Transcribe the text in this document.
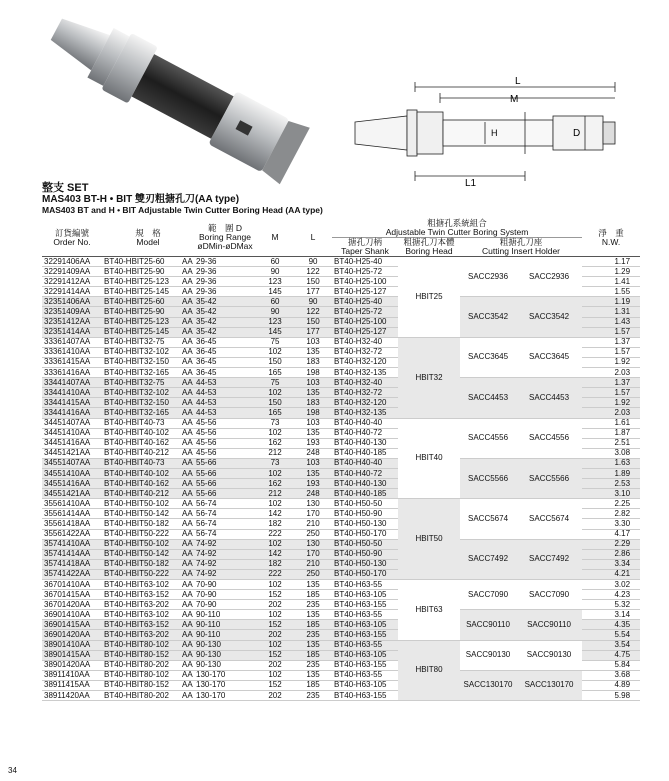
L
M
L1
D
H
整支 SET
MAS403 BT-H • BIT 雙刃粗搪孔刀(AA type)
MAS403 BT and H • BIT Adjustable Twin Cutter Boring Head (AA type)
訂貨編號
Order No.	規　格
Model		範　圍 D
Boring Range
øDMin-øDMax	M	L	粗搪孔系統組合
Adjustable Twin Cutter Boring System				淨　重
N.W.
						搪孔刀柄
Taper Shank	粗搪孔刀本體
Boring Head	粗搪孔刀座
Cutting Insert Holder		
32291406AA	BT40-HBIT25-60	AA	29-36	60	90	BT40-H25-40	HBIT25	SACC2936	SACC2936	1.17
32291409AA	BT40-HBIT25-90	AA	29-36	90	122	BT40-H25-72				1.29
32291412AA	BT40-HBIT25-123	AA	29-36	123	150	BT40-H25-100				1.41
32291414AA	BT40-HBIT25-145	AA	29-36	145	177	BT40-H25-127				1.55
32351406AA	BT40-HBIT25-60	AA	35-42	60	90	BT40-H25-40		SACC3542	SACC3542	1.19
32351409AA	BT40-HBIT25-90	AA	35-42	90	122	BT40-H25-72				1.31
32351412AA	BT40-HBIT25-123	AA	35-42	123	150	BT40-H25-100				1.43
32351414AA	BT40-HBIT25-145	AA	35-42	145	177	BT40-H25-127				1.57
33361407AA	BT40-HBIT32-75	AA	36-45	75	103	BT40-H32-40	HBIT32	SACC3645	SACC3645	1.37
33361410AA	BT40-HBIT32-102	AA	36-45	102	135	BT40-H32-72				1.57
33361415AA	BT40-HBIT32-150	AA	36-45	150	183	BT40-H32-120				1.92
33361416AA	BT40-HBIT32-165	AA	36-45	165	198	BT40-H32-135				2.03
33441407AA	BT40-HBIT32-75	AA	44-53	75	103	BT40-H32-40		SACC4453	SACC4453	1.37
33441410AA	BT40-HBIT32-102	AA	44-53	102	135	BT40-H32-72				1.57
33441415AA	BT40-HBIT32-150	AA	44-53	150	183	BT40-H32-120				1.92
33441416AA	BT40-HBIT32-165	AA	44-53	165	198	BT40-H32-135				2.03
34451407AA	BT40-HBIT40-73	AA	45-56	73	103	BT40-H40-40	HBIT40	SACC4556	SACC4556	1.61
34451410AA	BT40-HBIT40-102	AA	45-56	102	135	BT40-H40-72				1.87
34451416AA	BT40-HBIT40-162	AA	45-56	162	193	BT40-H40-130				2.51
34451421AA	BT40-HBIT40-212	AA	45-56	212	248	BT40-H40-185				3.08
34551407AA	BT40-HBIT40-73	AA	55-66	73	103	BT40-H40-40		SACC5566	SACC5566	1.63
34551410AA	BT40-HBIT40-102	AA	55-66	102	135	BT40-H40-72				1.89
34551416AA	BT40-HBIT40-162	AA	55-66	162	193	BT40-H40-130				2.53
34551421AA	BT40-HBIT40-212	AA	55-66	212	248	BT40-H40-185				3.10
35561410AA	BT40-HBIT50-102	AA	56-74	102	130	BT40-H50-50	HBIT50	SACC5674	SACC5674	2.25
35561414AA	BT40-HBIT50-142	AA	56-74	142	170	BT40-H50-90				2.82
35561418AA	BT40-HBIT50-182	AA	56-74	182	210	BT40-H50-130				3.30
35561422AA	BT40-HBIT50-222	AA	56-74	222	250	BT40-H50-170				4.17
35741410AA	BT40-HBIT50-102	AA	74-92	102	130	BT40-H50-50		SACC7492	SACC7492	2.29
35741414AA	BT40-HBIT50-142	AA	74-92	142	170	BT40-H50-90				2.86
35741418AA	BT40-HBIT50-182	AA	74-92	182	210	BT40-H50-130				3.34
35741422AA	BT40-HBIT50-222	AA	74-92	222	250	BT40-H50-170				4.21
36701410AA	BT40-HBIT63-102	AA	70-90	102	135	BT40-H63-55	HBIT63	SACC7090	SACC7090	3.02
36701415AA	BT40-HBIT63-152	AA	70-90	152	185	BT40-H63-105				4.23
36701420AA	BT40-HBIT63-202	AA	70-90	202	235	BT40-H63-155				5.32
36901410AA	BT40-HBIT63-102	AA	90-110	102	135	BT40-H63-55		SACC90110	SACC90110	3.14
36901415AA	BT40-HBIT63-152	AA	90-110	152	185	BT40-H63-105				4.35
36901420AA	BT40-HBIT63-202	AA	90-110	202	235	BT40-H63-155				5.54
38901410AA	BT40-HBIT80-102	AA	90-130	102	135	BT40-H63-55	HBIT80	SACC90130	SACC90130	3.54
38901415AA	BT40-HBIT80-152	AA	90-130	152	185	BT40-H63-105				4.75
38901420AA	BT40-HBIT80-202	AA	90-130	202	235	BT40-H63-155				5.84
38911410AA	BT40-HBIT80-102	AA	130-170	102	135	BT40-H63-55		SACC130170	SACC130170	3.68
38911415AA	BT40-HBIT80-152	AA	130-170	152	185	BT40-H63-105				4.89
38911420AA	BT40-HBIT80-202	AA	130-170	202	235	BT40-H63-155				5.98
34
